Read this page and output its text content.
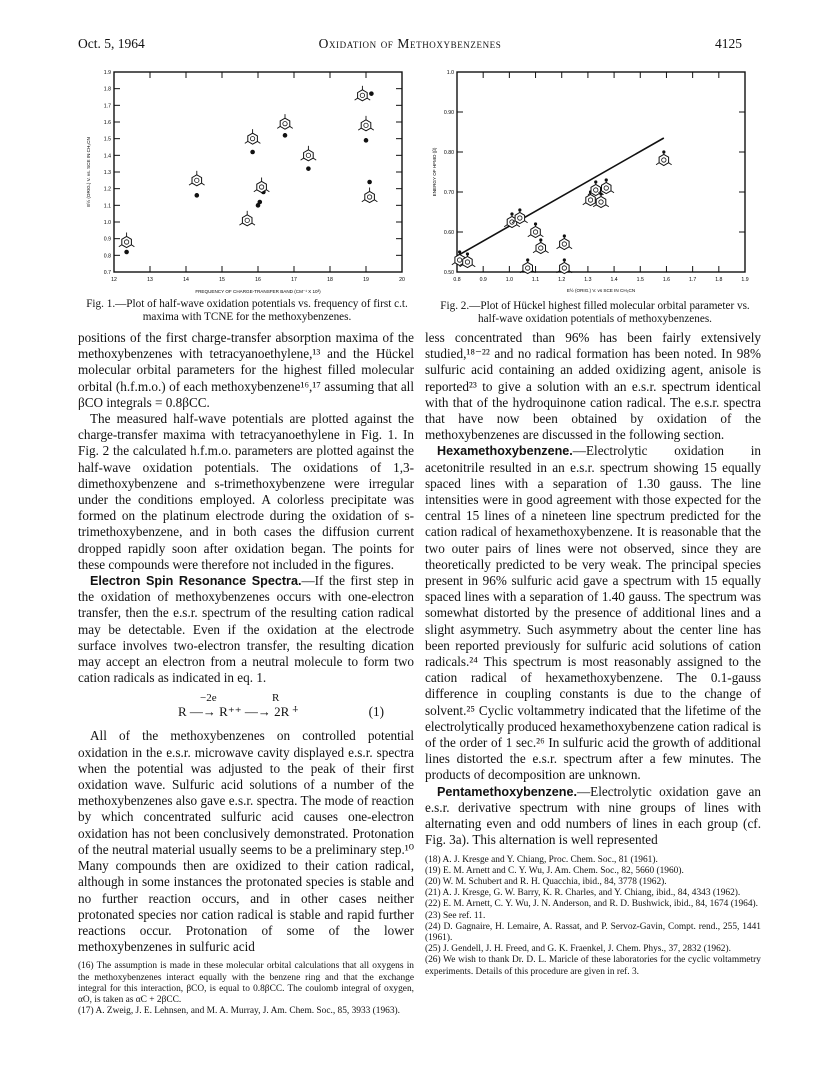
Oct. 5, 1964	Oxidation of Methoxybenzenes	4125
12	13	14	15	16	17	18	19	20
1.9
1.8
1.7
1.6
1.5
1.4
1.3
1.2
1.1
1.0
0.9
0.8
0.7
FREQUENCY OF CHARGE-TRANSFER BAND (CM⁻¹ X 10³)
E½ (ORIG.) V. vs. SCE IN CH₃CN
Fig. 1.—Plot of half-wave oxidation potentials vs. frequency of first c.t. maxima with TCNE for the methoxybenzenes.
0.8	0.9	1.0	1.1	1.2	1.3	1.4	1.5	1.6	1.7	1.8	1.9
1.0
0.90
0.80
0.70
0.60
0.50
E½ (ORIG.) V. vs SCE IN CH₃CN
ENERGY OF HFMO (β)
Fig. 2.—Plot of Hückel highest filled molecular orbital parameter vs. half-wave oxidation potentials of methoxybenzenes.

positions of the first charge-transfer absorption maxima of the methoxybenzenes with tetracyanoethylene,¹³ and the Hückel molecular orbital parameters for the highest filled molecular orbital (h.f.m.o.) of each methoxybenzene¹⁶,¹⁷ assuming that all βCO integrals = 0.8βCC.

The measured half-wave potentials are plotted against the charge-transfer maxima with tetracyanoethylene in Fig. 1. In Fig. 2 the calculated h.f.m.o. parameters are plotted against the half-wave oxidation potentials. The oxidations of 1,3-dimethoxybenzene and s-trimethoxybenzene were irregular under the conditions employed. A colorless precipitate was formed on the platinum electrode during the oxidation of s-trimethoxybenzene, and in both cases the diffusion current dropped rapidly soon after oxidation began. The points for these compounds were therefore not included in the figures.

Electron Spin Resonance Spectra.—If the first step in the oxidation of methoxybenzenes occurs with one-electron transfer, then the e.s.r. spectrum of the resulting cation radical may be detectable. Even if the oxidation at the electrode surface involves two-electron transfer, the resulting dication may accept an electron from a neutral molecule to form two cation radicals as indicated in eq. 1.

−2e	R
R —→ R⁺⁺ —→ 2R ⁺̇	(1)

All of the methoxybenzenes on controlled potential oxidation in the e.s.r. microwave cavity displayed e.s.r. spectra when the potential was adjusted to the peak of their first oxidation wave. Sulfuric acid solutions of a number of the methoxybenzenes also gave e.s.r. spectra. The mode of reaction by which concentrated sulfuric acid causes one-electron oxidation has not been conclusively demonstrated. Protonation of the neutral material usually seems to be a preliminary step.¹⁰ Many compounds then are oxidized to their cation radical, although in some instances the protonated species is stable and no further reaction occurs, and in other cases neither protonated species nor cation radical is stable and rapid further reactions occur. Protonation of some of the lower methoxybenzenes in sulfuric acid

(16) The assumption is made in these molecular orbital calculations that all oxygens in the methoxybenzenes interact equally with the benzene ring and that the exchange integral for this interaction, βCO, is equal to 0.8βCC. The coulomb integral of oxygen, αO, is taken as αC + 2βCC.
(17) A. Zweig, J. E. Lehnsen, and M. A. Murray, J. Am. Chem. Soc., 85, 3933 (1963).

less concentrated than 96% has been fairly extensively studied,¹⁸⁻²² and no radical formation has been noted. In 98% sulfuric acid containing an added oxidizing agent, anisole is reported²³ to give a solution with an e.s.r. spectrum identical with that of the hydroquinone cation radical. The e.s.r. spectra that have now been obtained by oxidation of the methoxybenzenes are discussed in the following section.

Hexamethoxybenzene.—Electrolytic oxidation in acetonitrile resulted in an e.s.r. spectrum showing 15 equally spaced lines with a separation of 1.30 gauss. The line intensities were in good agreement with those expected for the central 15 lines of a nineteen line spectrum predicted for the cation radical of hexamethoxybenzene. It is reasonable that the two outer pairs of lines were not observed, since they are theoretically predicted to be very weak. The principal species present in 96% sulfuric acid gave a spectrum with 15 equally spaced lines with a separation of 1.40 gauss. The spectrum was somewhat distorted by the presence of additional lines and a slight asymmetry. Such asymmetry about the center line has been reported previously for sulfuric acid solutions of cation radicals.²⁴ This spectrum is most reasonably assigned to the cation radical of hexamethoxybenzene. The 0.1-gauss difference in coupling constants is due to the change of solvent.²⁵ Cyclic voltammetry indicated that the lifetime of the electrolytically produced hexamethoxybenzene cation radical is of the order of 1 sec.²⁶ In sulfuric acid the growth of additional lines distorted the e.s.r. spectrum after a few minutes. The products of decomposition are unknown.

Pentamethoxybenzene.—Electrolytic oxidation gave an e.s.r. derivative spectrum with nine groups of lines with alternating even and odd numbers of lines in each group (cf. Fig. 3a). This alternation is well represented

(18) A. J. Kresge and Y. Chiang, Proc. Chem. Soc., 81 (1961).
(19) E. M. Arnett and C. Y. Wu, J. Am. Chem. Soc., 82, 5660 (1960).
(20) W. M. Schubert and R. H. Quacchia, ibid., 84, 3778 (1962).
(21) A. J. Kresge, G. W. Barry, K. R. Charles, and Y. Chiang, ibid., 84, 4343 (1962).
(22) E. M. Arnett, C. Y. Wu, J. N. Anderson, and R. D. Bushwick, ibid., 84, 1674 (1964).
(23) See ref. 11.
(24) D. Gagnaire, H. Lemaire, A. Rassat, and P. Servoz-Gavin, Compt. rend., 255, 1441 (1961).
(25) J. Gendell, J. H. Freed, and G. K. Fraenkel, J. Chem. Phys., 37, 2832 (1962).
(26) We wish to thank Dr. D. L. Maricle of these laboratories for the cyclic voltammetry experiments. Details of this procedure are given in ref. 3.
